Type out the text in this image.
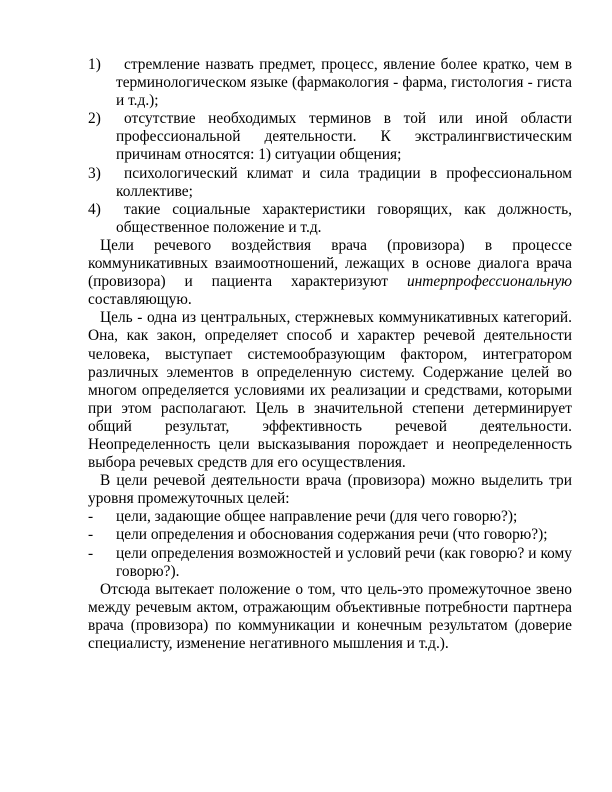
1)	стремление назвать предмет, процесс, явление более кратко, чем в терминологическом языке (фармакология - фарма, гистология - гиста и т.д.);
2)	отсутствие необходимых терминов в той или иной области профессиональной деятельности. К экстралингвистическим причинам относятся: 1) ситуации общения;
3)	психологический климат и сила традиции в профессиональном коллективе;
4)	такие социальные характеристики говорящих, как должность, общественное положение и т.д.

Цели речевого воздействия врача (провизора) в процессе коммуникативных взаимоотношений, лежащих в основе диалога врача (провизора) и пациента характеризуют интерпрофессиональную составляющую.

Цель - одна из центральных, стержневых коммуникативных категорий. Она, как закон, определяет способ и характер речевой деятельности человека, выступает системообразующим фактором, интегратором различных элементов в определенную систему. Содержание целей во многом определяется условиями их реализации и средствами, которыми при этом располагают. Цель в значительной степени детерминирует общий результат, эффективность речевой деятельности. Неопределенность цели высказывания порождает и неопределенность выбора речевых средств для его осуществления.

В цели речевой деятельности врача (провизора) можно выделить три уровня промежуточных целей:

-	цели, задающие общее направление речи (для чего говорю?);
-	цели определения и обоснования содержания речи (что говорю?);
-	цели определения возможностей и условий речи (как говорю? и кому говорю?).

Отсюда вытекает положение о том, что цель-это промежуточное звено между речевым актом, отражающим объективные потребности партнера врача (провизора) по коммуникации и конечным результатом (доверие специалисту, изменение негативного мышления и т.д.).
